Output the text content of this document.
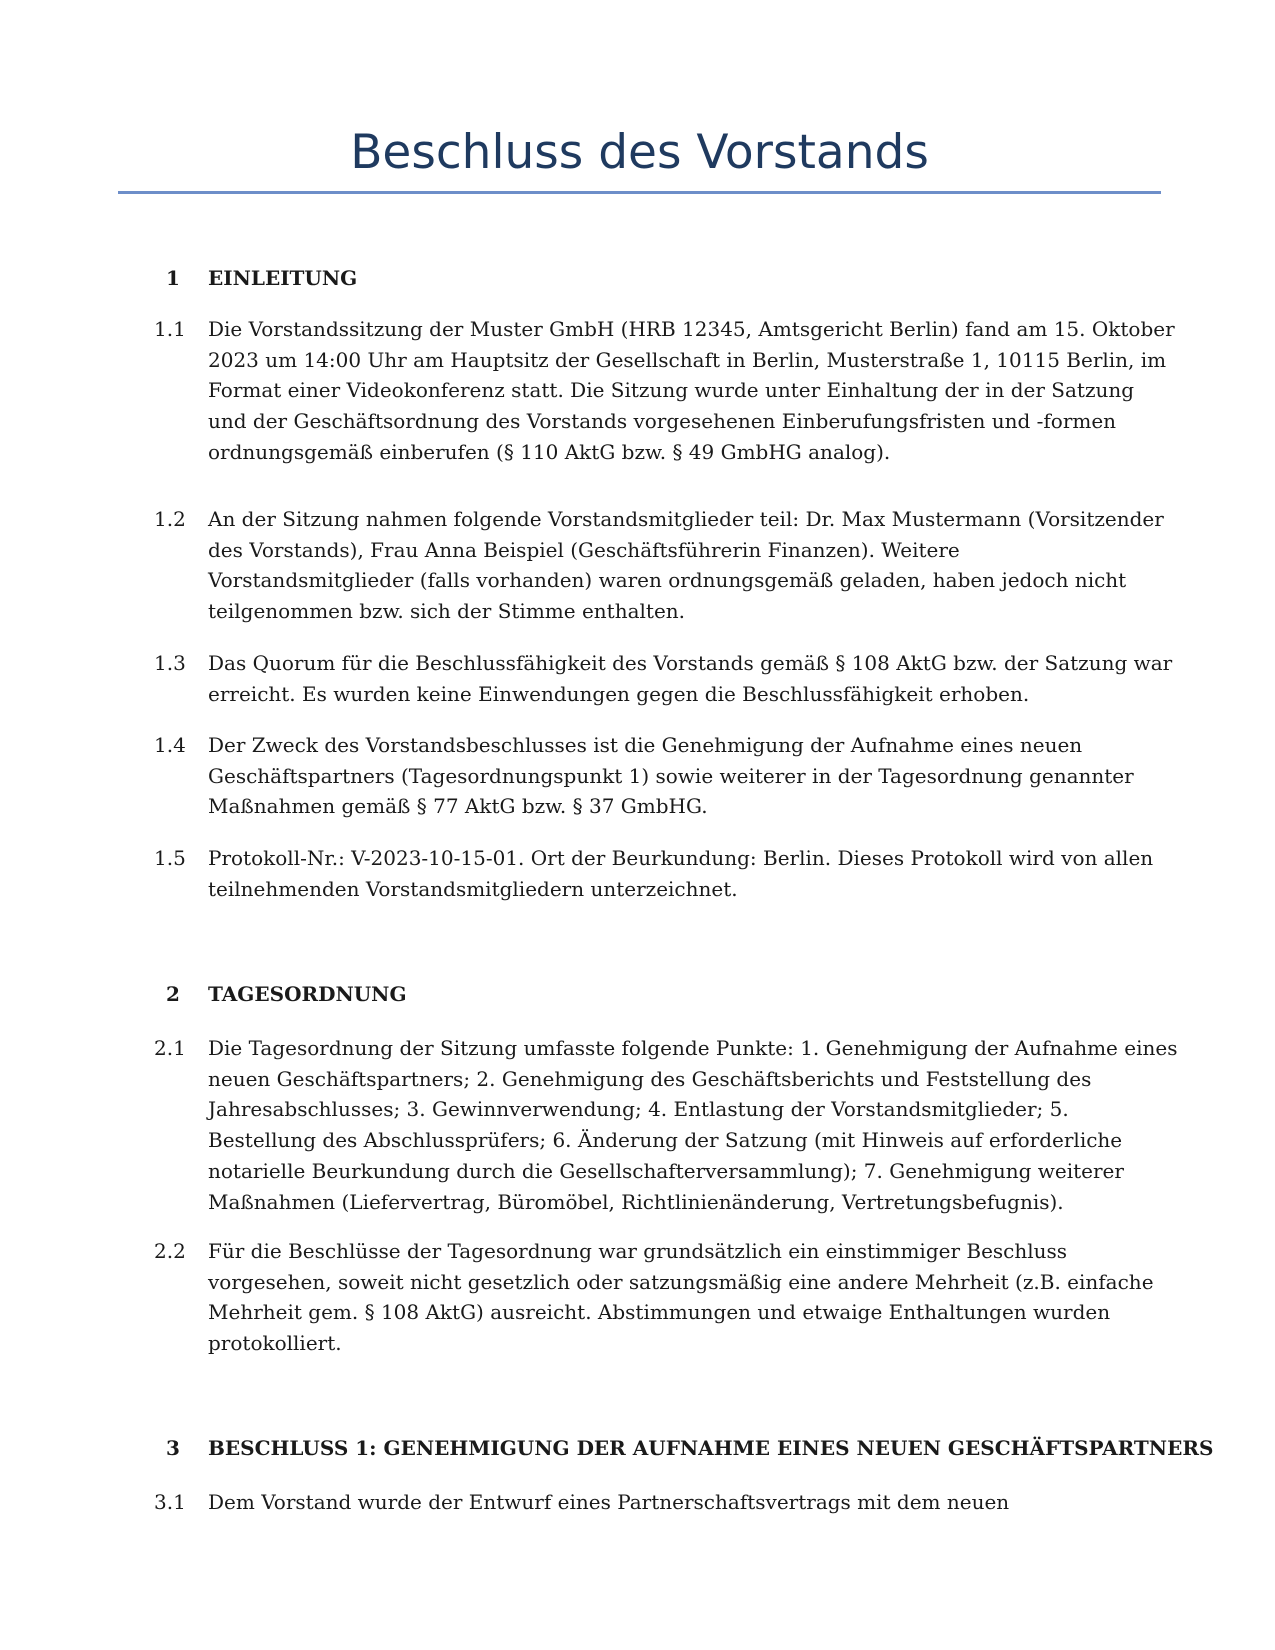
Beschluss des Vorstands
1	EINLEITUNG
1.1	Die Vorstandssitzung der Muster GmbH (HRB 12345, Amtsgericht Berlin) fand am 15. Oktober
2023 um 14:00 Uhr am Hauptsitz der Gesellschaft in Berlin, Musterstraße 1, 10115 Berlin, im
Format einer Videokonferenz statt. Die Sitzung wurde unter Einhaltung der in der Satzung
und der Geschäftsordnung des Vorstands vorgesehenen Einberufungsfristen und -formen
ordnungsgemäß einberufen (§ 110 AktG bzw. § 49 GmbHG analog).
1.2	An der Sitzung nahmen folgende Vorstandsmitglieder teil: Dr. Max Mustermann (Vorsitzender
des Vorstands), Frau Anna Beispiel (Geschäftsführerin Finanzen). Weitere
Vorstandsmitglieder (falls vorhanden) waren ordnungsgemäß geladen, haben jedoch nicht
teilgenommen bzw. sich der Stimme enthalten.
1.3	Das Quorum für die Beschlussfähigkeit des Vorstands gemäß § 108 AktG bzw. der Satzung war
erreicht. Es wurden keine Einwendungen gegen die Beschlussfähigkeit erhoben.
1.4	Der Zweck des Vorstandsbeschlusses ist die Genehmigung der Aufnahme eines neuen
Geschäftspartners (Tagesordnungspunkt 1) sowie weiterer in der Tagesordnung genannter
Maßnahmen gemäß § 77 AktG bzw. § 37 GmbHG.
1.5	Protokoll-Nr.: V-2023-10-15-01. Ort der Beurkundung: Berlin. Dieses Protokoll wird von allen
teilnehmenden Vorstandsmitgliedern unterzeichnet.
2	TAGESORDNUNG
2.1	Die Tagesordnung der Sitzung umfasste folgende Punkte: 1. Genehmigung der Aufnahme eines
neuen Geschäftspartners; 2. Genehmigung des Geschäftsberichts und Feststellung des
Jahresabschlusses; 3. Gewinnverwendung; 4. Entlastung der Vorstandsmitglieder; 5.
Bestellung des Abschlussprüfers; 6. Änderung der Satzung (mit Hinweis auf erforderliche
notarielle Beurkundung durch die Gesellschafterversammlung); 7. Genehmigung weiterer
Maßnahmen (Liefervertrag, Büromöbel, Richtlinienänderung, Vertretungsbefugnis).
2.2	Für die Beschlüsse der Tagesordnung war grundsätzlich ein einstimmiger Beschluss
vorgesehen, soweit nicht gesetzlich oder satzungsmäßig eine andere Mehrheit (z.B. einfache
Mehrheit gem. § 108 AktG) ausreicht. Abstimmungen und etwaige Enthaltungen wurden
protokolliert.
3	BESCHLUSS 1: GENEHMIGUNG DER AUFNAHME EINES NEUEN GESCHÄFTSPARTNERS
3.1	Dem Vorstand wurde der Entwurf eines Partnerschaftsvertrags mit dem neuen
